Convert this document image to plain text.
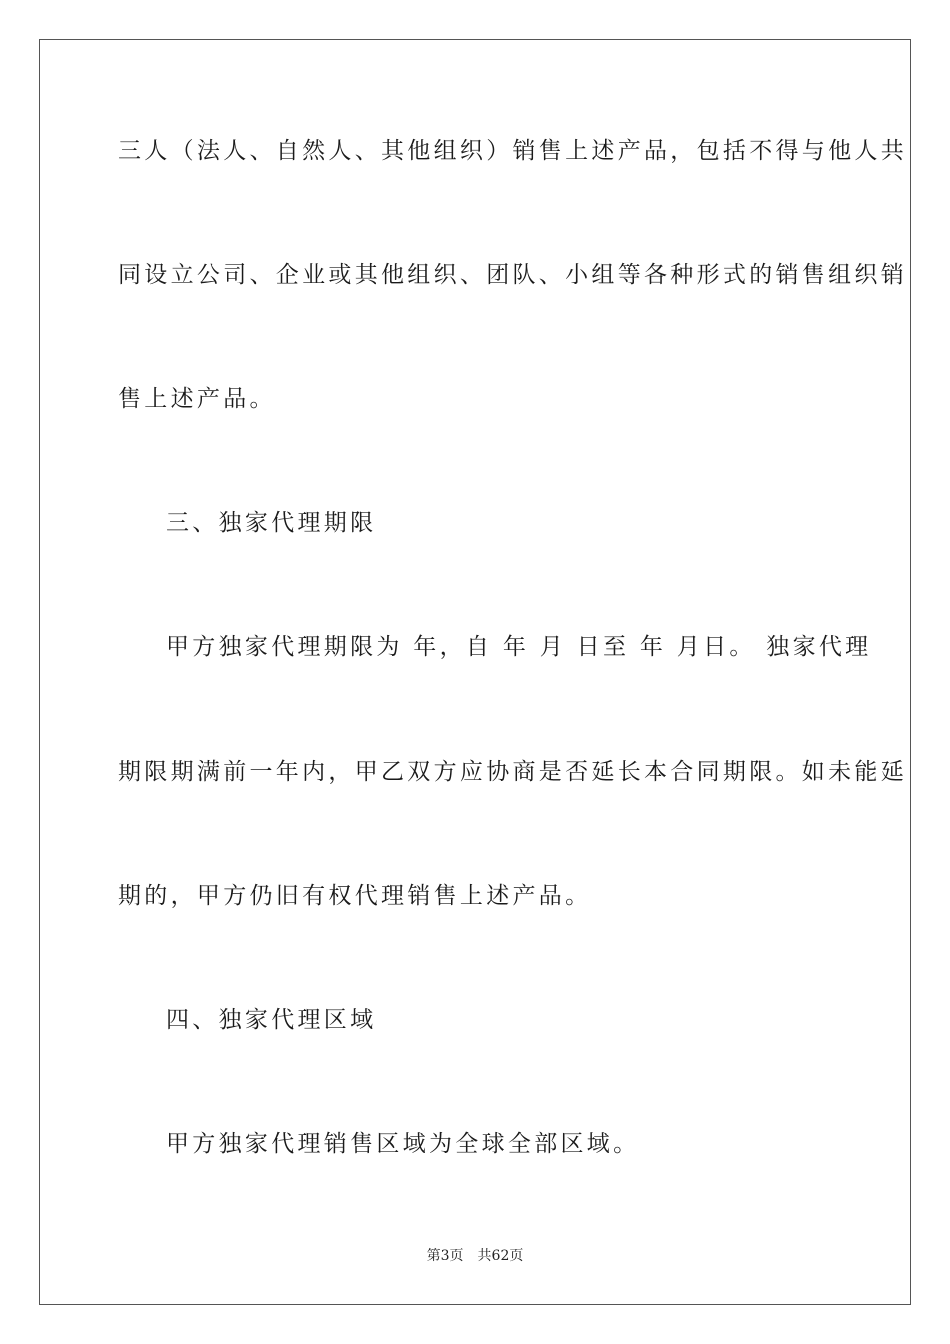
三人（法人、自然人、其他组织）销售上述产品，包括不得与他人共
同设立公司、企业或其他组织、团队、小组等各种形式的销售组织销
售上述产品。
三、独家代理期限
甲方独家代理期限为 年，自 年 月 日至 年 月日。 独家代理
期限期满前一年内，甲乙双方应协商是否延长本合同期限。如未能延
期的，甲方仍旧有权代理销售上述产品。
四、独家代理区域
甲方独家代理销售区域为全球全部区域。
第3页 共62页
